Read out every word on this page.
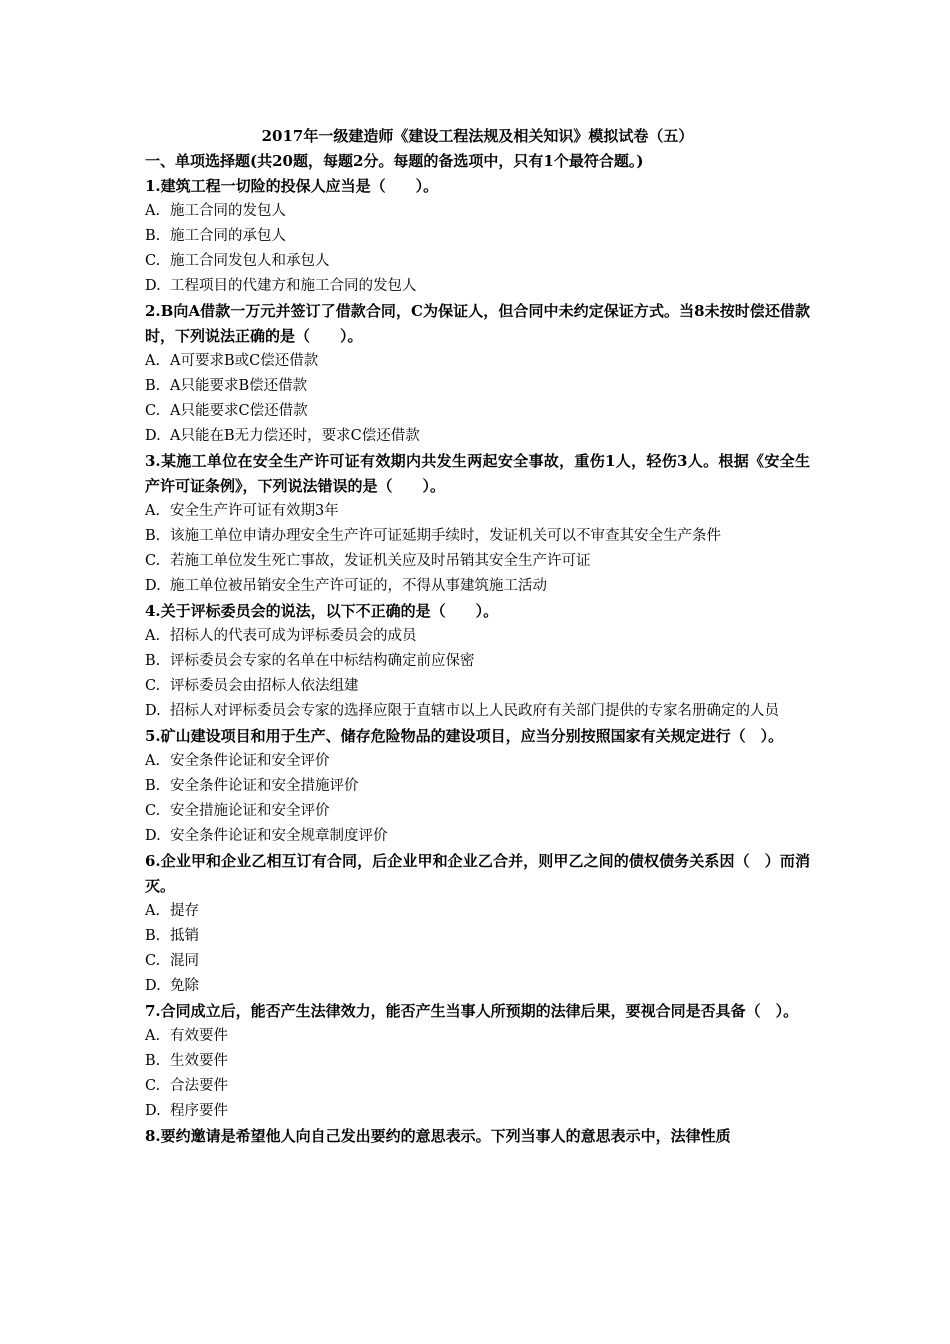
2017年一级建造师《建设工程法规及相关知识》模拟试卷（五）
一、单项选择题(共20题，每题2分。每题的备选项中，只有1个最符合题。)
1.建筑工程一切险的投保人应当是（　　）。
A. 施工合同的发包人
B. 施工合同的承包人
C. 施工合同发包人和承包人
D. 工程项目的代建方和施工合同的发包人
2.B向A借款一万元并签订了借款合同，C为保证人，但合同中未约定保证方式。当8未按时偿还借款时，下列说法正确的是（　　）。
A. A可要求B或C偿还借款
B. A只能要求B偿还借款
C. A只能要求C偿还借款
D. A只能在B无力偿还时，要求C偿还借款
3.某施工单位在安全生产许可证有效期内共发生两起安全事故，重伤1人，轻伤3人。根据《安全生产许可证条例》，下列说法错误的是（　　）。
A. 安全生产许可证有效期3年
B. 该施工单位申请办理安全生产许可证延期手续时，发证机关可以不审查其安全生产条件
C. 若施工单位发生死亡事故，发证机关应及时吊销其安全生产许可证
D. 施工单位被吊销安全生产许可证的，不得从事建筑施工活动
4.关于评标委员会的说法，以下不正确的是（　　）。
A. 招标人的代表可成为评标委员会的成员
B. 评标委员会专家的名单在中标结构确定前应保密
C. 评标委员会由招标人依法组建
D. 招标人对评标委员会专家的选择应限于直辖市以上人民政府有关部门提供的专家名册确定的人员
5.矿山建设项目和用于生产、储存危险物品的建设项目，应当分别按照国家有关规定进行（　）。
A. 安全条件论证和安全评价
B. 安全条件论证和安全措施评价
C. 安全措施论证和安全评价
D. 安全条件论证和安全规章制度评价
6.企业甲和企业乙相互订有合同，后企业甲和企业乙合并，则甲乙之间的债权债务关系因（　）而消灭。
A. 提存
B. 抵销
C. 混同
D. 免除
7.合同成立后，能否产生法律效力，能否产生当事人所预期的法律后果，要视合同是否具备（　）。
A. 有效要件
B. 生效要件
C. 合法要件
D. 程序要件
8.要约邀请是希望他人向自己发出要约的意思表示。下列当事人的意思表示中，法律性质
